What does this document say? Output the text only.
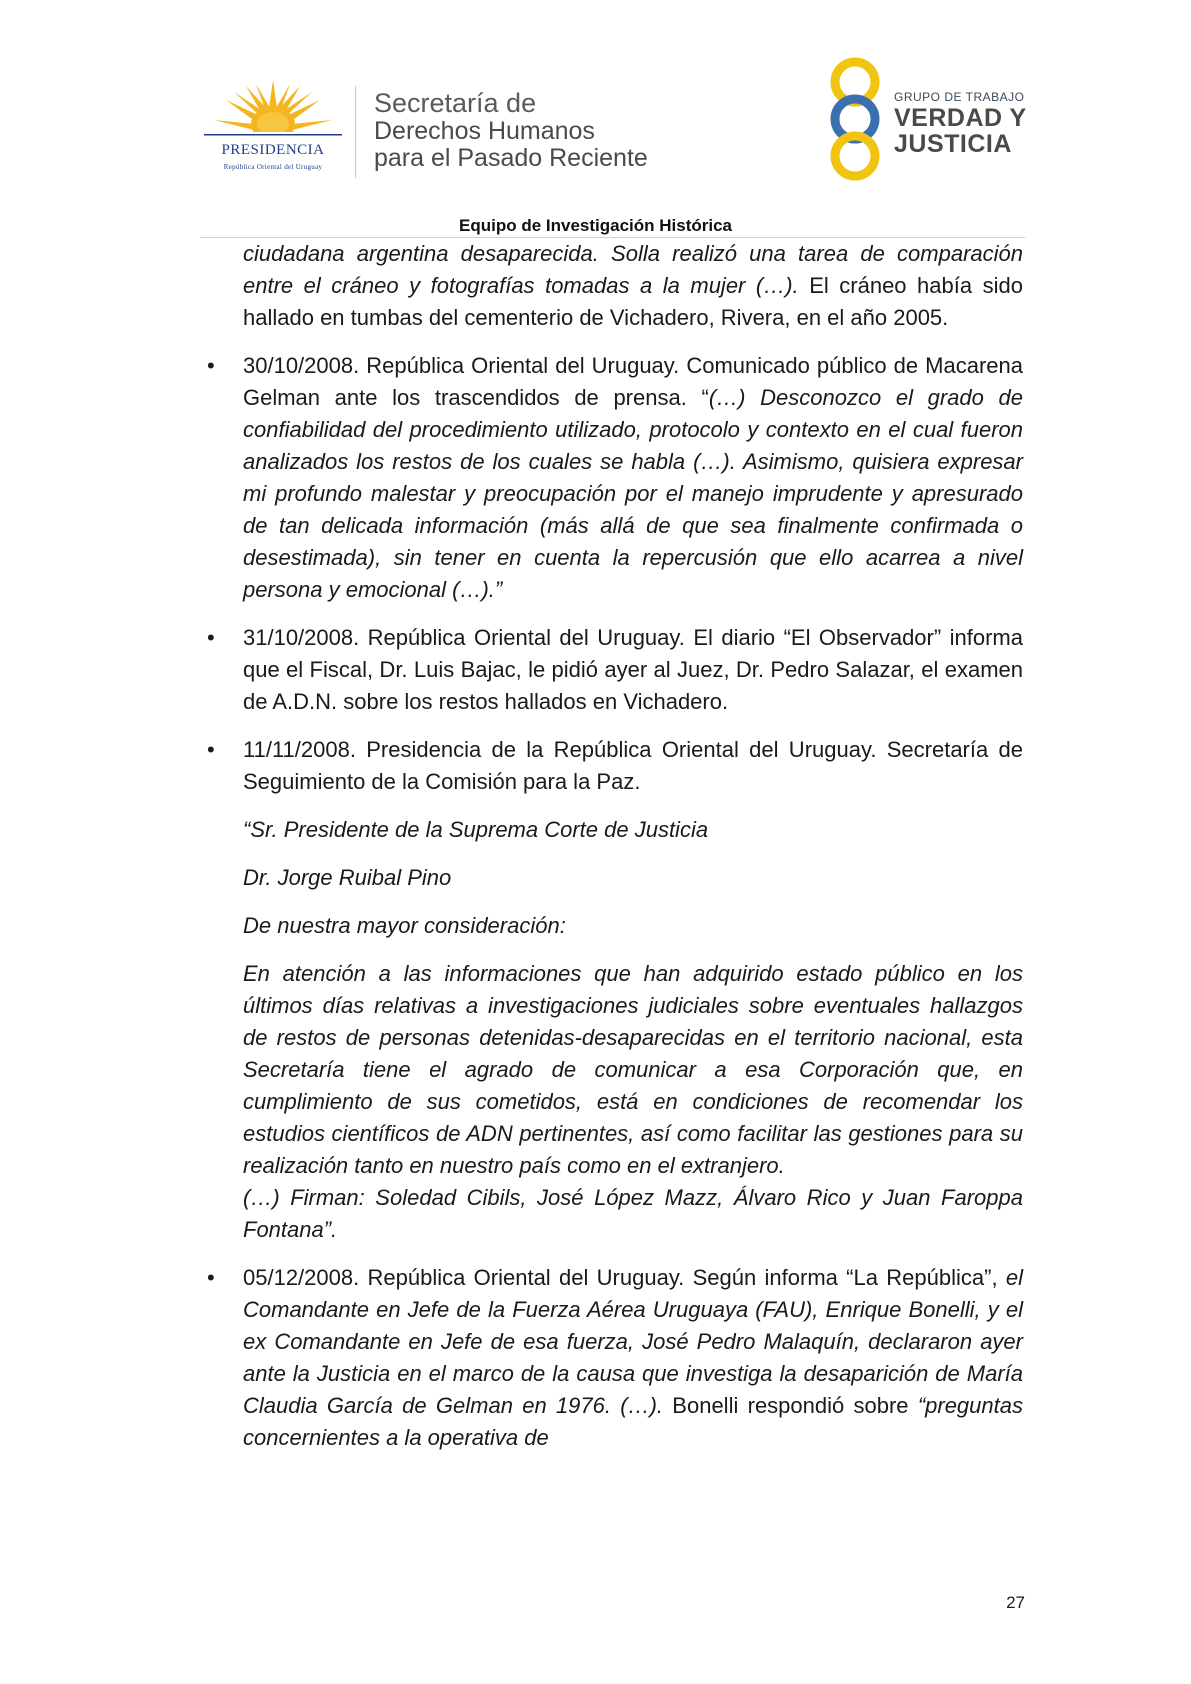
PRESIDENCIA
República Oriental del Uruguay
Secretaría de
Derechos Humanos
para el Pasado Reciente
GRUPO DE TRABAJO
VERDAD Y
JUSTICIA
Equipo de Investigación Histórica

ciudadana argentina desaparecida. Solla realizó una tarea de comparación entre el cráneo y fotografías tomadas a la mujer (…). El cráneo había sido hallado en tumbas del cementerio de Vichadero, Rivera, en el año 2005.

• 30/10/2008. República Oriental del Uruguay. Comunicado público de Macarena Gelman ante los trascendidos de prensa. “(…) Desconozco el grado de confiabilidad del procedimiento utilizado, protocolo y contexto en el cual fueron analizados los restos de los cuales se habla (…). Asimismo, quisiera expresar mi profundo malestar y preocupación por el manejo imprudente y apresurado de tan delicada información (más allá de que sea finalmente confirmada o desestimada), sin tener en cuenta la repercusión que ello acarrea a nivel persona y emocional (…).”
• 31/10/2008. República Oriental del Uruguay. El diario “El Observador” informa que el Fiscal, Dr. Luis Bajac, le pidió ayer al Juez, Dr. Pedro Salazar, el examen de A.D.N. sobre los restos hallados en Vichadero.
• 11/11/2008. Presidencia de la República Oriental del Uruguay. Secretaría de Seguimiento de la Comisión para la Paz.

“Sr. Presidente de la Suprema Corte de Justicia

Dr. Jorge Ruibal Pino

De nuestra mayor consideración:

En atención a las informaciones que han adquirido estado público en los últimos días relativas a investigaciones judiciales sobre eventuales hallazgos de restos de personas detenidas-desaparecidas en el territorio nacional, esta Secretaría tiene el agrado de comunicar a esa Corporación que, en cumplimiento de sus cometidos, está en condiciones de recomendar los estudios científicos de ADN pertinentes, así como facilitar las gestiones para su realización tanto en nuestro país como en el extranjero.

(…) Firman: Soledad Cibils, José López Mazz, Álvaro Rico y Juan Faroppa Fontana”.

• 05/12/2008. República Oriental del Uruguay. Según informa “La República”, el Comandante en Jefe de la Fuerza Aérea Uruguaya (FAU), Enrique Bonelli, y el ex Comandante en Jefe de esa fuerza, José Pedro Malaquín, declararon ayer ante la Justicia en el marco de la causa que investiga la desaparición de María Claudia García de Gelman en 1976. (…). Bonelli respondió sobre “preguntas concernientes a la operativa de
27
